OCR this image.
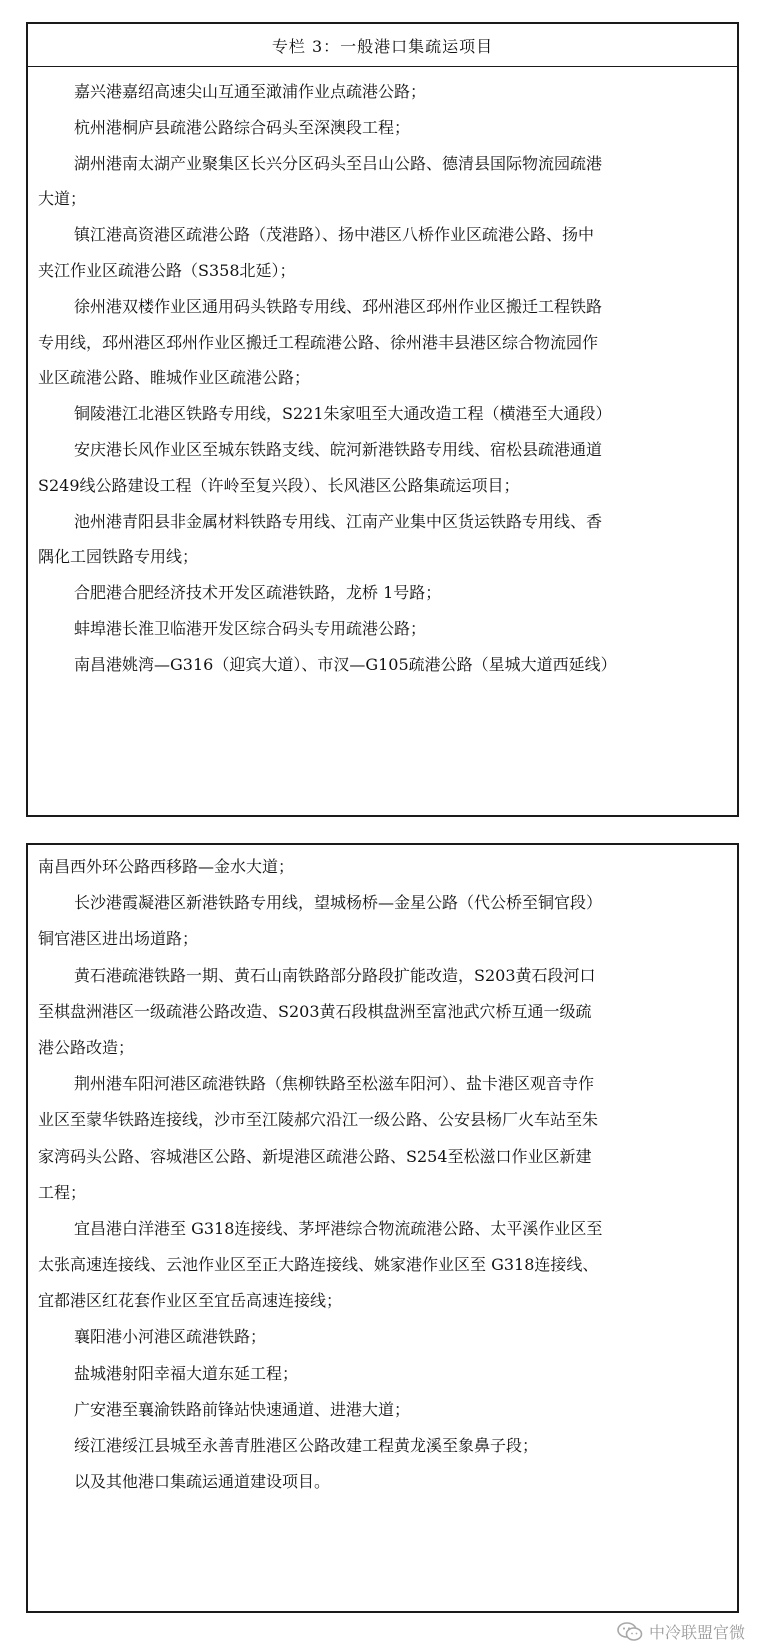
专栏 3：一般港口集疏运项目
嘉兴港嘉绍高速尖山互通至澉浦作业点疏港公路；
杭州港桐庐县疏港公路综合码头至深澳段工程；
湖州港南太湖产业聚集区长兴分区码头至吕山公路、德清县国际物流园疏港
大道；
镇江港高资港区疏港公路（茂港路）、扬中港区八桥作业区疏港公路、扬中
夹江作业区疏港公路（S358北延）；
徐州港双楼作业区通用码头铁路专用线、邳州港区邳州作业区搬迁工程铁路
专用线，邳州港区邳州作业区搬迁工程疏港公路、徐州港丰县港区综合物流园作
业区疏港公路、睢城作业区疏港公路；
铜陵港江北港区铁路专用线，S221朱家咀至大通改造工程（横港至大通段）
安庆港长风作业区至城东铁路支线、皖河新港铁路专用线、宿松县疏港通道
S249线公路建设工程（许岭至复兴段）、长风港区公路集疏运项目；
池州港青阳县非金属材料铁路专用线、江南产业集中区货运铁路专用线、香
隅化工园铁路专用线；
合肥港合肥经济技术开发区疏港铁路，龙桥 1号路；
蚌埠港长淮卫临港开发区综合码头专用疏港公路；
南昌港姚湾—G316（迎宾大道）、市汊—G105疏港公路（星城大道西延线）
南昌西外环公路西移路—金水大道；
长沙港霞凝港区新港铁路专用线，望城杨桥—金星公路（代公桥至铜官段）
铜官港区进出场道路；
黄石港疏港铁路一期、黄石山南铁路部分路段扩能改造，S203黄石段河口
至棋盘洲港区一级疏港公路改造、S203黄石段棋盘洲至富池武穴桥互通一级疏
港公路改造；
荆州港车阳河港区疏港铁路（焦柳铁路至松滋车阳河）、盐卡港区观音寺作
业区至蒙华铁路连接线，沙市至江陵郝穴沿江一级公路、公安县杨厂火车站至朱
家湾码头公路、容城港区公路、新堤港区疏港公路、S254至松滋口作业区新建
工程；
宜昌港白洋港至 G318连接线、茅坪港综合物流疏港公路、太平溪作业区至
太张高速连接线、云池作业区至正大路连接线、姚家港作业区至 G318连接线、
宜都港区红花套作业区至宜岳高速连接线；
襄阳港小河港区疏港铁路；
盐城港射阳幸福大道东延工程；
广安港至襄渝铁路前锋站快速通道、进港大道；
绥江港绥江县城至永善青胜港区公路改建工程黄龙溪至象鼻子段；
以及其他港口集疏运通道建设项目。
中冷联盟官微
